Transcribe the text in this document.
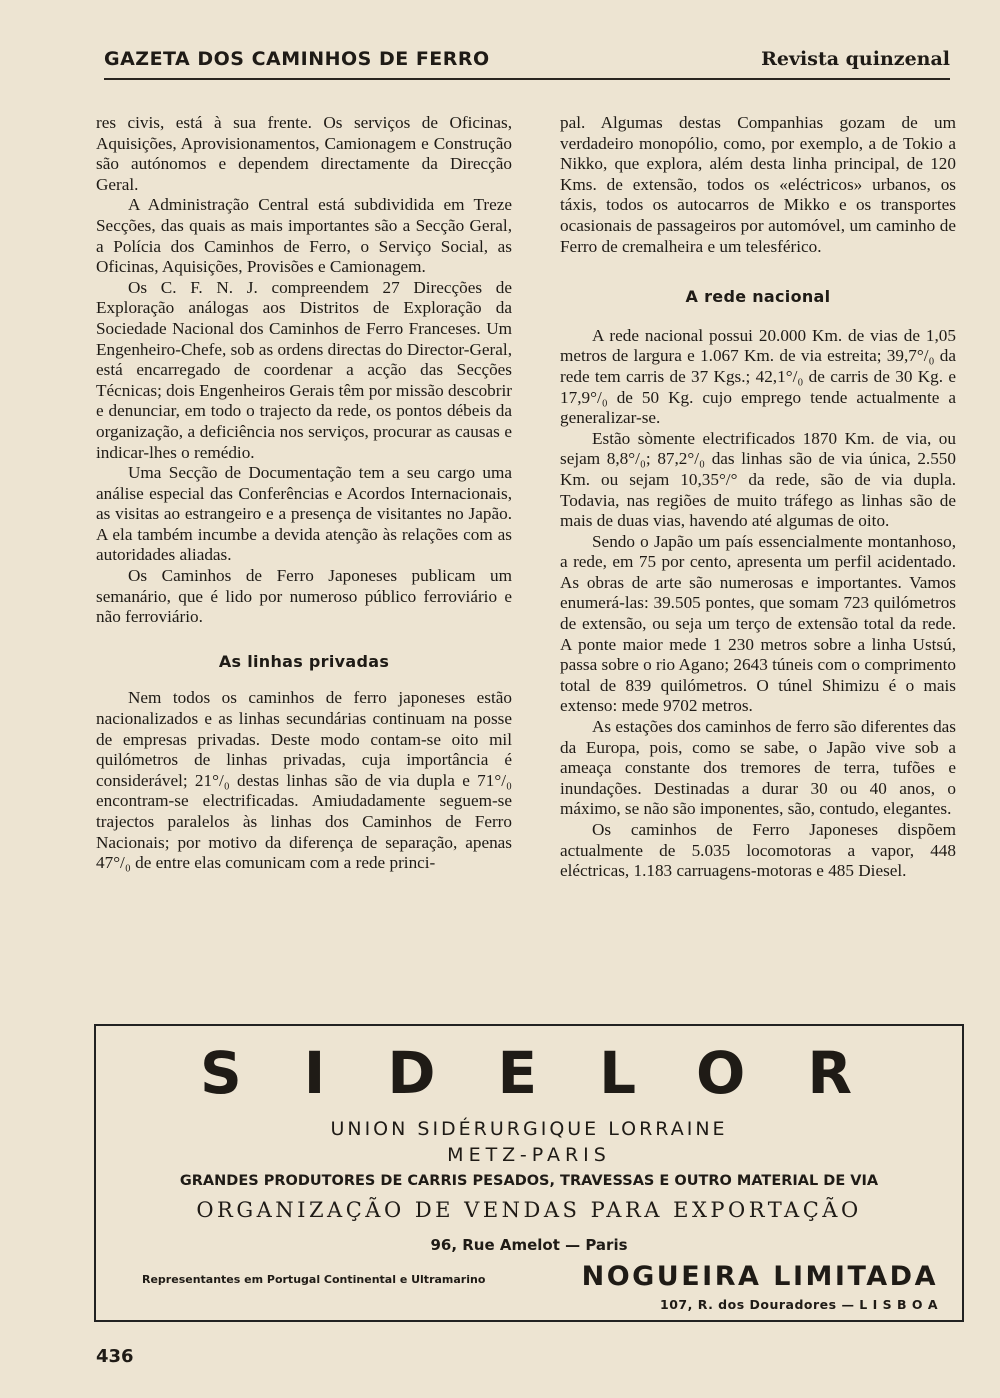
GAZETA DOS CAMINHOS DE FERRO	Revista quinzenal

res civis, está à sua frente. Os serviços de Oficinas, Aquisições, Aprovisionamentos, Camionagem e Construção são autónomos e dependem directamente da Direcção Geral.

A Administração Central está subdividida em Treze Secções, das quais as mais importantes são a Secção Geral, a Polícia dos Caminhos de Ferro, o Serviço Social, as Oficinas, Aquisições, Provisões e Camionagem.

Os C. F. N. J. compreendem 27 Direcções de Exploração análogas aos Distritos de Exploração da Sociedade Nacional dos Caminhos de Ferro Franceses. Um Engenheiro-Chefe, sob as ordens directas do Director-Geral, está encarregado de coordenar a acção das Secções Técnicas; dois Engenheiros Gerais têm por missão descobrir e denunciar, em todo o trajecto da rede, os pontos débeis da organização, a deficiência nos serviços, procurar as causas e indicar-lhes o remédio.

Uma Secção de Documentação tem a seu cargo uma análise especial das Conferências e Acordos Internacionais, as visitas ao estrangeiro e a presença de visitantes no Japão. A ela também incumbe a devida atenção às relações com as autoridades aliadas.

Os Caminhos de Ferro Japoneses publicam um semanário, que é lido por numeroso público ferroviário e não ferroviário.

As linhas privadas

Nem todos os caminhos de ferro japoneses estão nacionalizados e as linhas secundárias continuam na posse de empresas privadas. Deste modo contam-se oito mil quilómetros de linhas privadas, cuja importância é considerável; 21°/₀ destas linhas são de via dupla e 71°/₀ encontram-se electrificadas. Amiudadamente seguem-se trajectos paralelos às linhas dos Caminhos de Ferro Nacionais; por motivo da diferença de separação, apenas 47°/₀ de entre elas comunicam com a rede princi-

pal. Algumas destas Companhias gozam de um verdadeiro monopólio, como, por exemplo, a de Tokio a Nikko, que explora, além desta linha principal, de 120 Kms. de extensão, todos os «eléctricos» urbanos, os táxis, todos os autocarros de Mikko e os transportes ocasionais de passageiros por automóvel, um caminho de Ferro de cremalheira e um telesférico.

A rede nacional

A rede nacional possui 20.000 Km. de vias de 1,05 metros de largura e 1.067 Km. de via estreita; 39,7°/₀ da rede tem carris de 37 Kgs.; 42,1°/₀ de carris de 30 Kg. e 17,9°/₀ de 50 Kg. cujo emprego tende actualmente a generalizar-se.

Estão sòmente electrificados 1870 Km. de via, ou sejam 8,8°/₀; 87,2°/₀ das linhas são de via única, 2.550 Km. ou sejam 10,35°/° da rede, são de via dupla. Todavia, nas regiões de muito tráfego as linhas são de mais de duas vias, havendo até algumas de oito.

Sendo o Japão um país essencialmente montanhoso, a rede, em 75 por cento, apresenta um perfil acidentado. As obras de arte são numerosas e importantes. Vamos enumerá-las: 39.505 pontes, que somam 723 quilómetros de extensão, ou seja um terço de extensão total da rede. A ponte maior mede 1 230 metros sobre a linha Ustsú, passa sobre o rio Agano; 2643 túneis com o comprimento total de 839 quilómetros. O túnel Shimizu é o mais extenso: mede 9702 metros.

As estações dos caminhos de ferro são diferentes das da Europa, pois, como se sabe, o Japão vive sob a ameaça constante dos tremores de terra, tufões e inundações. Destinadas a durar 30 ou 40 anos, o máximo, se não são imponentes, são, contudo, elegantes.

Os caminhos de Ferro Japoneses dispõem actualmente de 5.035 locomotoras a vapor, 448 eléctricas, 1.183 carruagens-motoras e 485 Diesel.

SIDELOR
UNION SIDÉRURGIQUE LORRAINE
METZ-PARIS
GRANDES PRODUTORES DE CARRIS PESADOS, TRAVESSAS E OUTRO MATERIAL DE VIA
ORGANIZAÇÃO DE VENDAS PARA EXPORTAÇÃO
96, Rue Amelot — Paris
Representantes em Portugal Continental e Ultramarino	NOGUEIRA LIMITADA
107, R. dos Douradores — L I S B O A
436
